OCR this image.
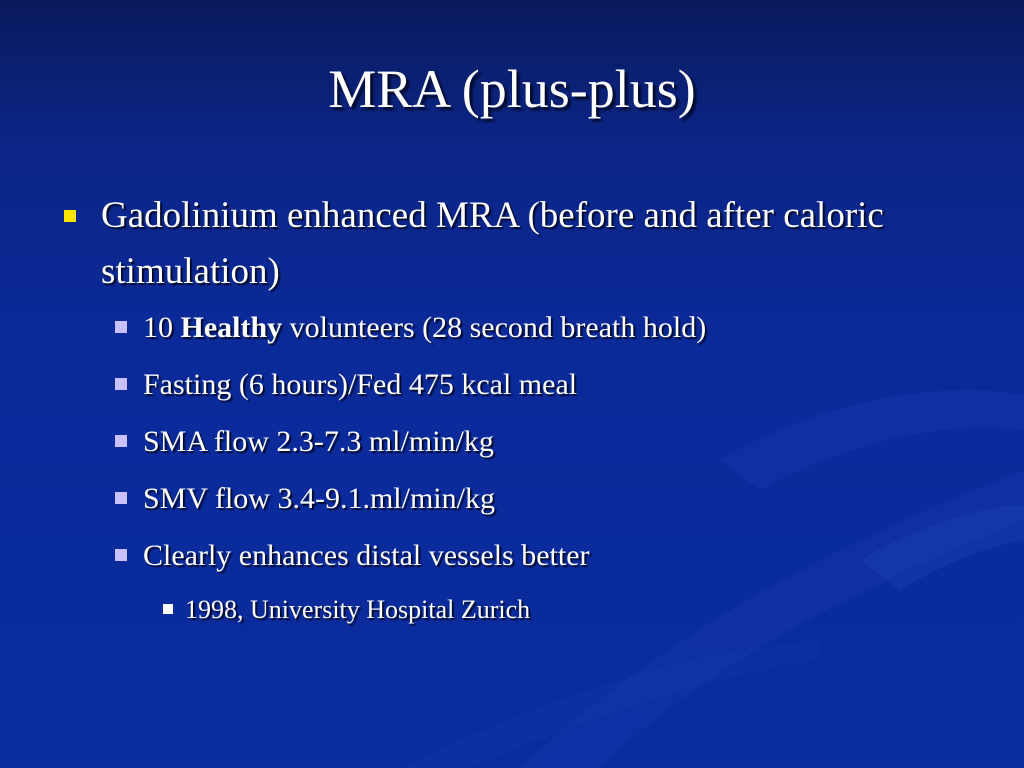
MRA (plus-plus)
Gadolinium enhanced MRA (before and after caloric stimulation)
10 Healthy volunteers (28 second breath hold)
Fasting (6 hours)/Fed 475 kcal meal
SMA flow 2.3-7.3 ml/min/kg
SMV flow 3.4-9.1.ml/min/kg
Clearly enhances distal vessels better
1998, University Hospital Zurich
